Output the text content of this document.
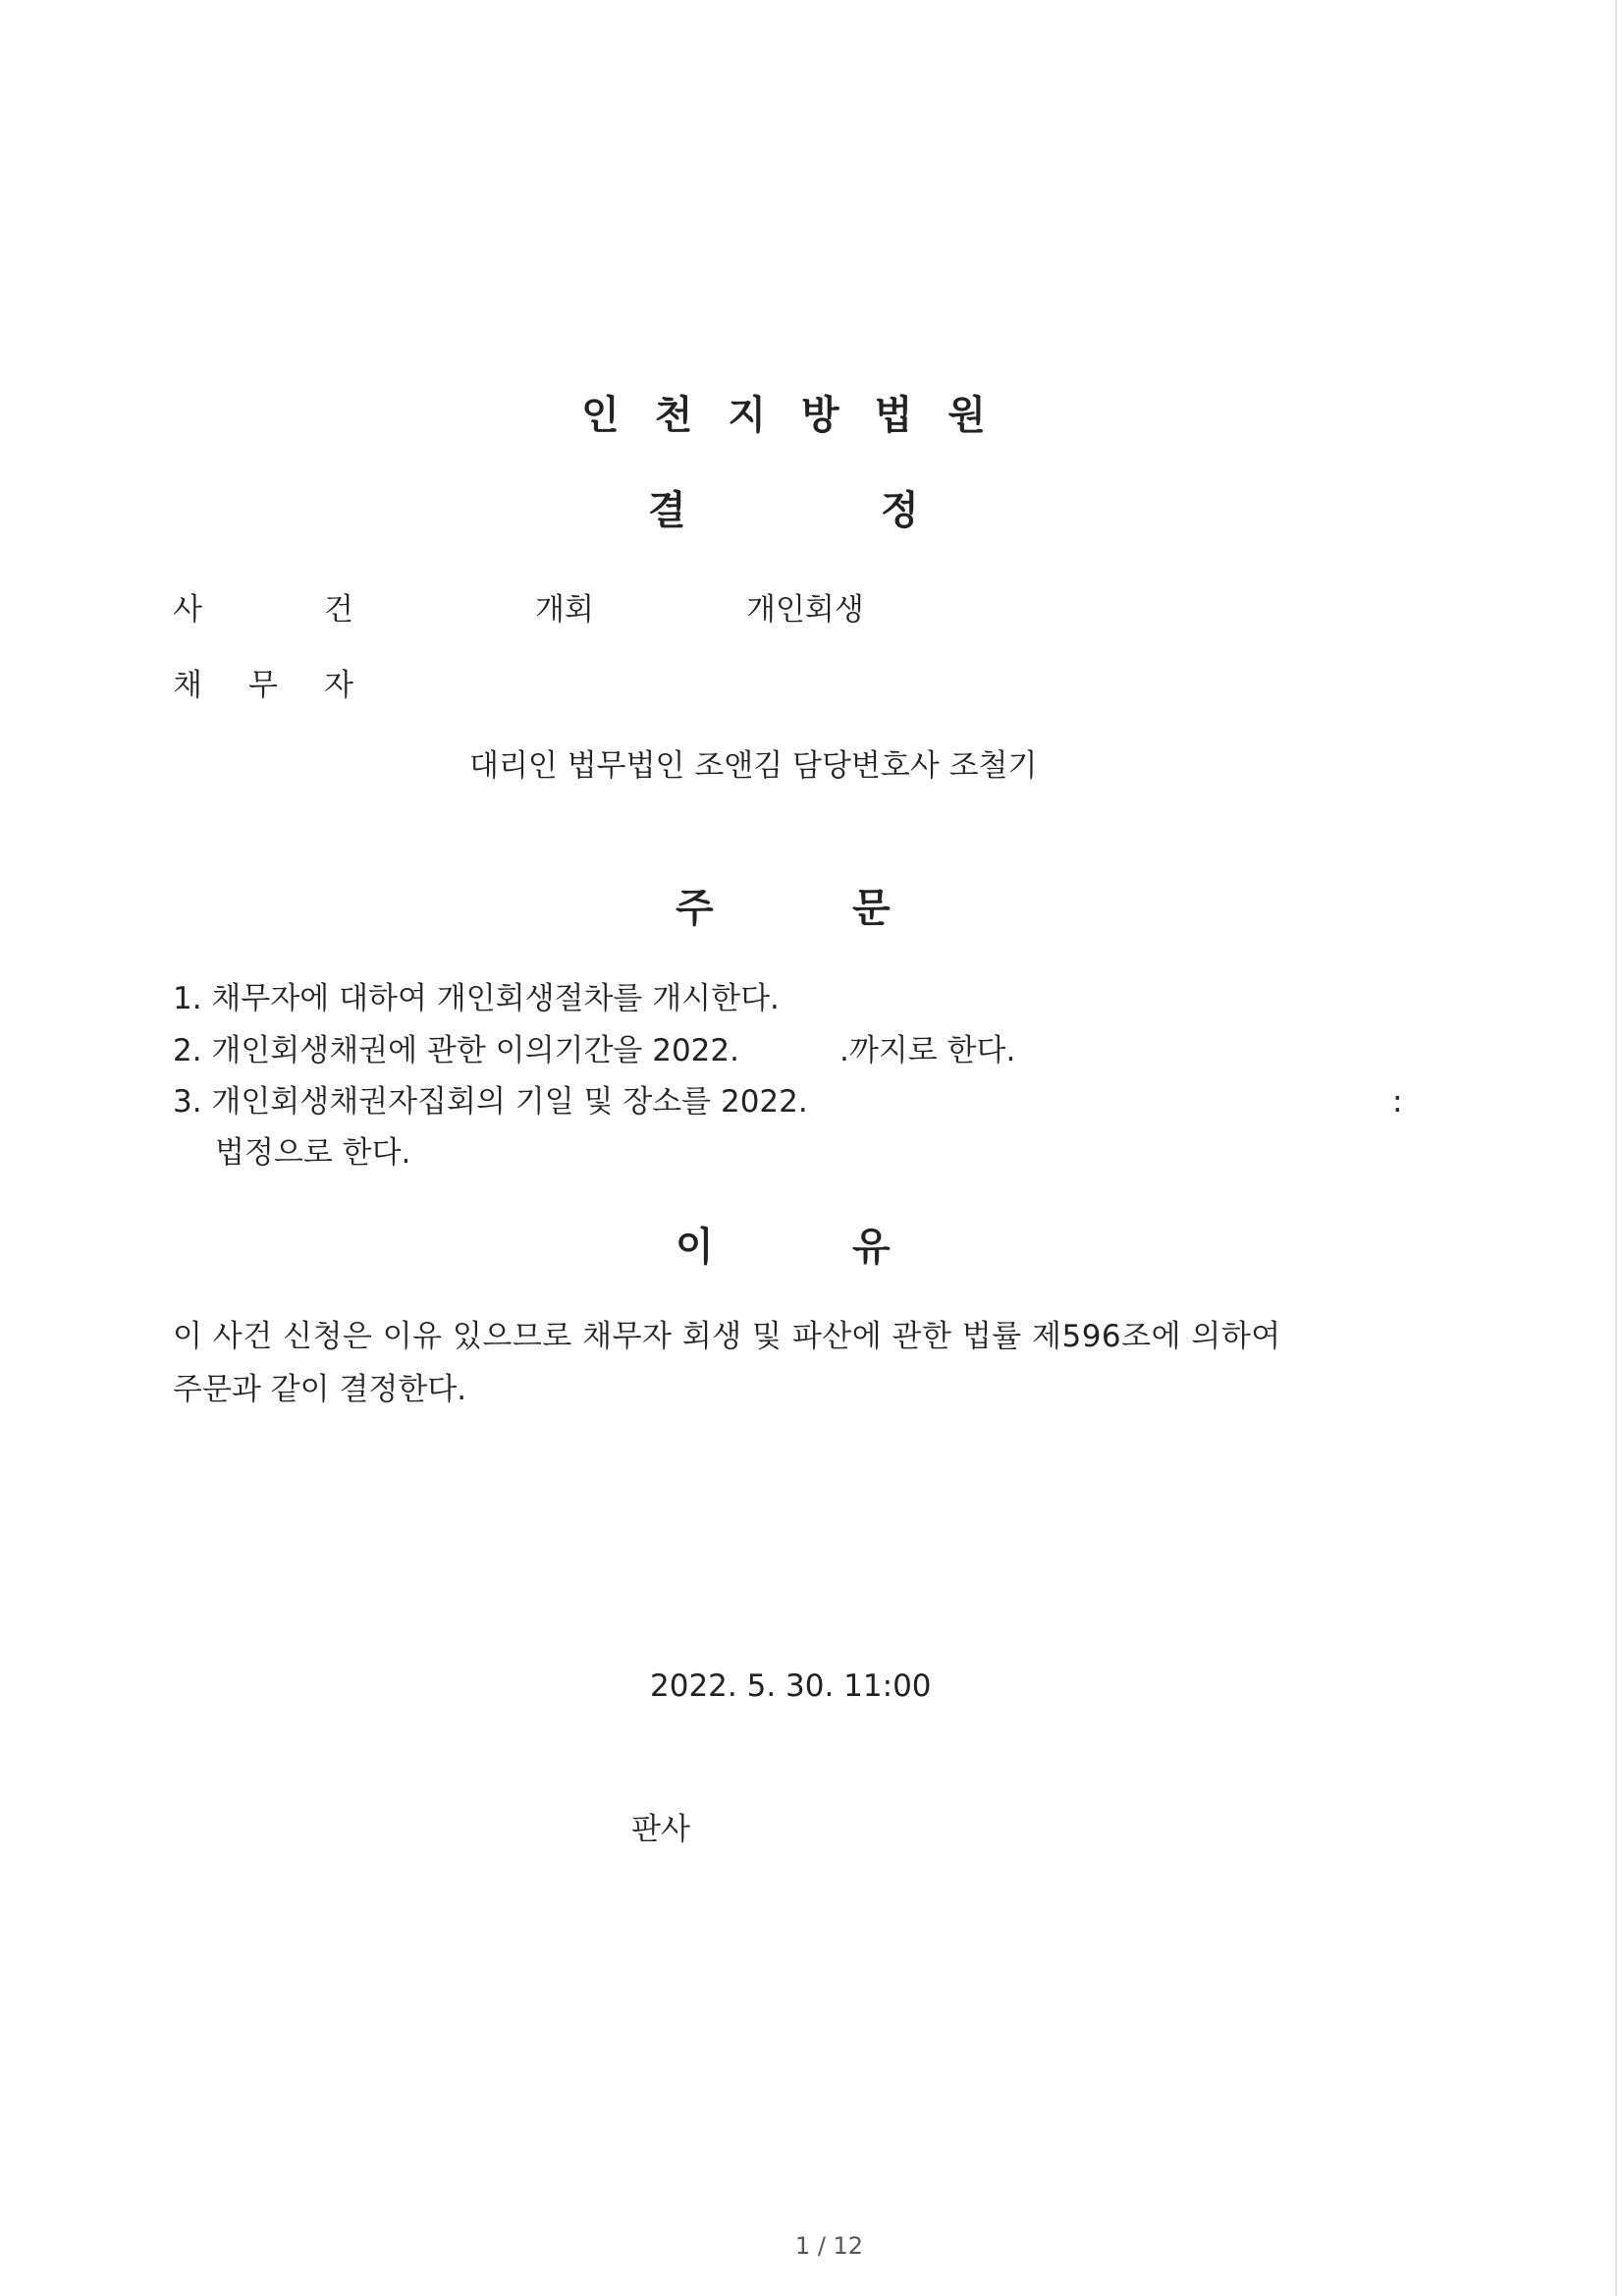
인천지방법원
결	정
사	건	개회	개인회생
채 무 자
대리인 법무법인 조앤김 담당변호사 조철기
주	문
1. 채무자에 대하여 개인회생절차를 개시한다.
2. 개인회생채권에 관한 이의기간을 2022.	.까지로 한다.
3. 개인회생채권자집회의 기일 및 장소를 2022.	:
법정으로 한다.
이	유
이 사건 신청은 이유 있으므로 채무자 회생 및 파산에 관한 법률 제596조에 의하여
주문과 같이 결정한다.
2022. 5. 30. 11:00
판사
1 / 12
